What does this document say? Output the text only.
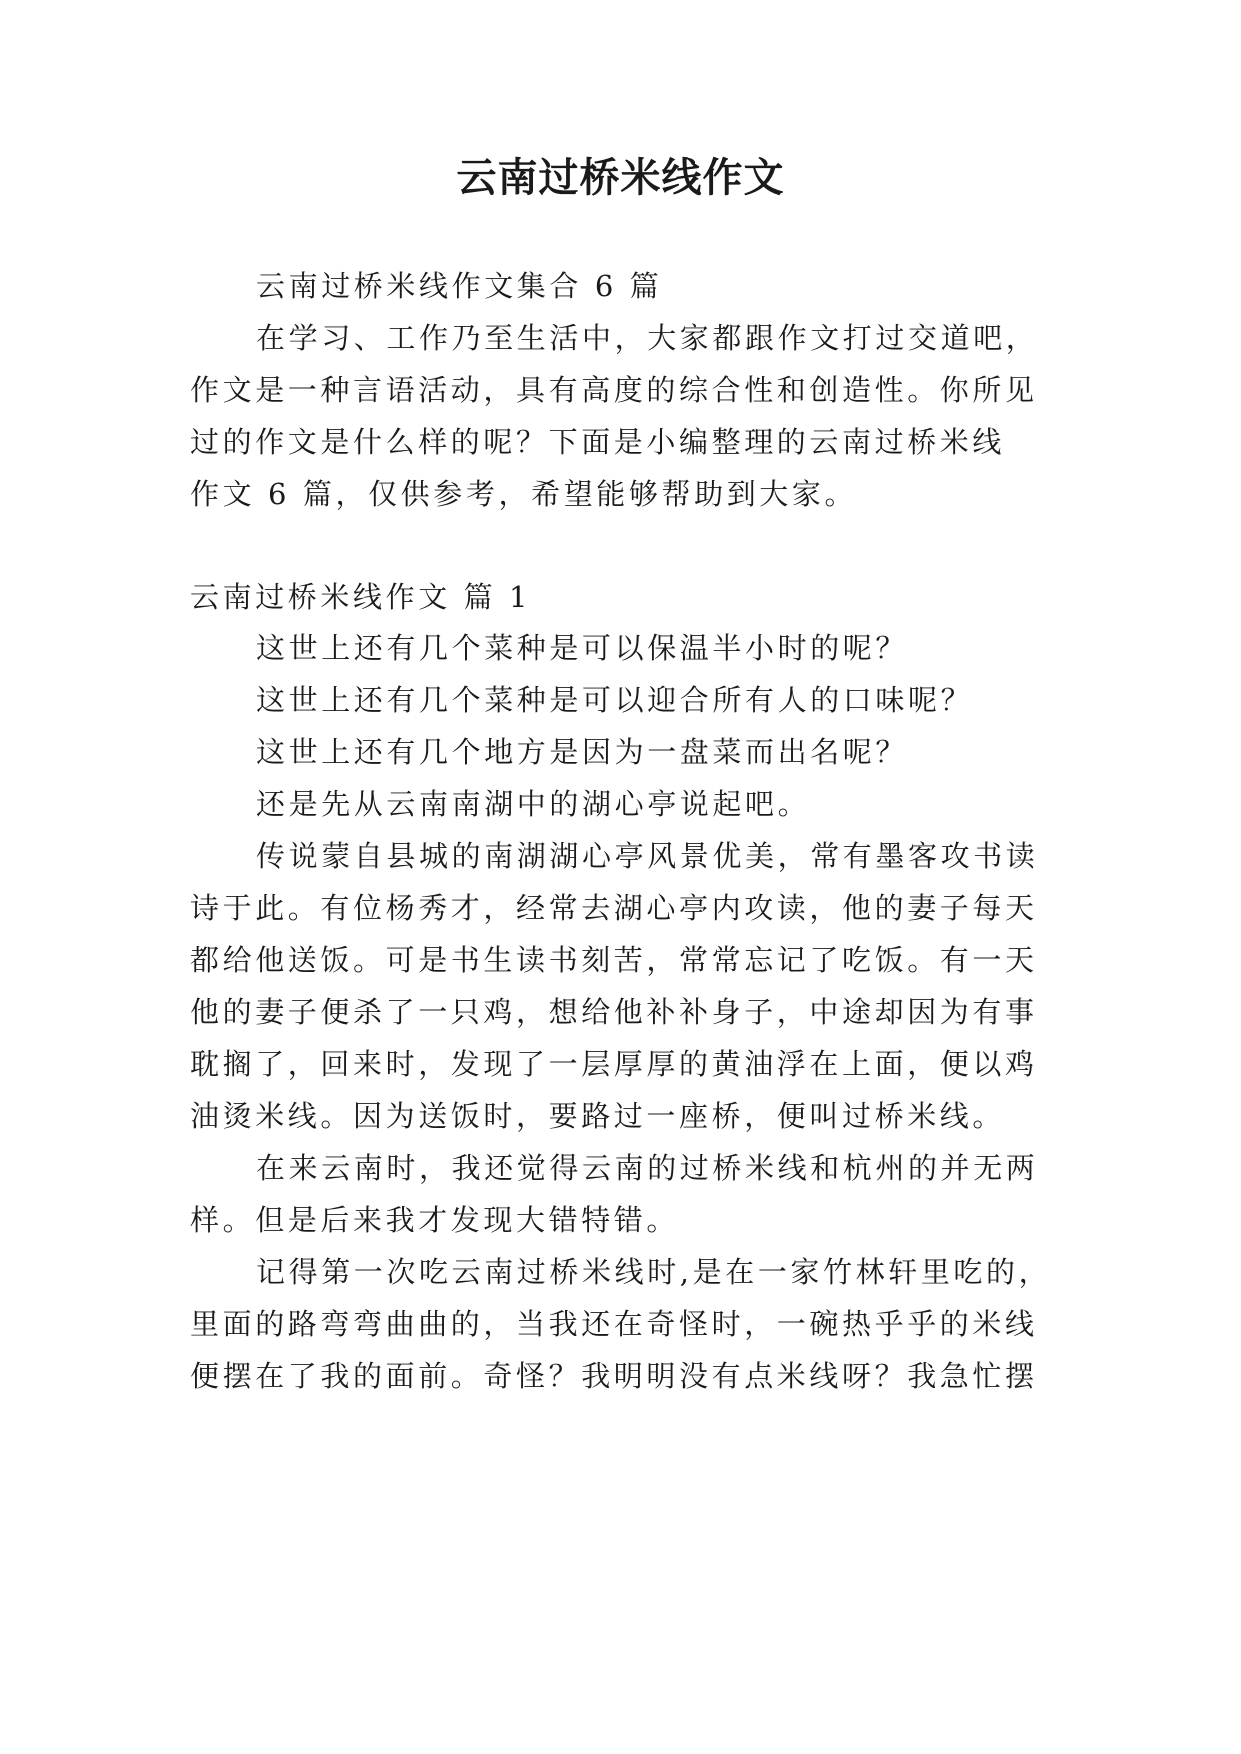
云南过桥米线作文
云南过桥米线作文集合 6 篇
在学习、工作乃至生活中，大家都跟作文打过交道吧，
作文是一种言语活动，具有高度的综合性和创造性。你所见
过的作文是什么样的呢？下面是小编整理的云南过桥米线
作文 6 篇，仅供参考，希望能够帮助到大家。
云南过桥米线作文 篇 1
这世上还有几个菜种是可以保温半小时的呢？
这世上还有几个菜种是可以迎合所有人的口味呢？
这世上还有几个地方是因为一盘菜而出名呢？
还是先从云南南湖中的湖心亭说起吧。
传说蒙自县城的南湖湖心亭风景优美，常有墨客攻书读
诗于此。有位杨秀才，经常去湖心亭内攻读，他的妻子每天
都给他送饭。可是书生读书刻苦，常常忘记了吃饭。有一天
他的妻子便杀了一只鸡，想给他补补身子，中途却因为有事
耽搁了，回来时，发现了一层厚厚的黄油浮在上面，便以鸡
油烫米线。因为送饭时，要路过一座桥，便叫过桥米线。
在来云南时，我还觉得云南的过桥米线和杭州的并无两
样。但是后来我才发现大错特错。
记得第一次吃云南过桥米线时,是在一家竹林轩里吃的，
里面的路弯弯曲曲的，当我还在奇怪时，一碗热乎乎的米线
便摆在了我的面前。奇怪？我明明没有点米线呀？我急忙摆
